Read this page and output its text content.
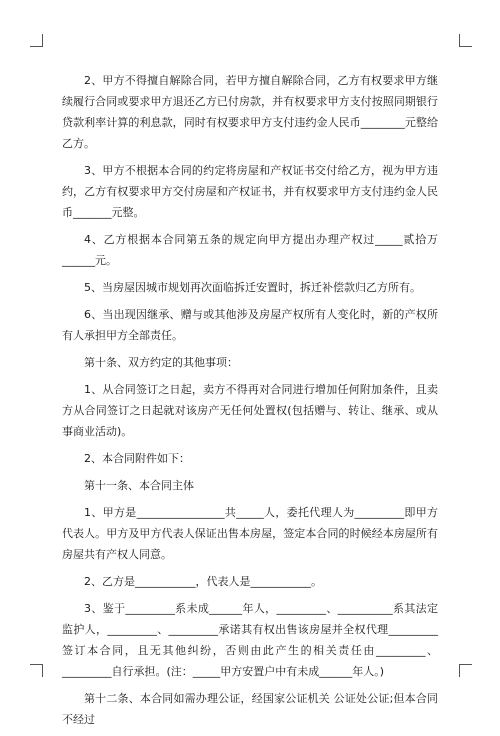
2、甲方不得擅自解除合同，若甲方擅自解除合同，乙方有权要求甲方继续履行合同或要求甲方退还乙方已付房款，并有权要求甲方支付按照同期银行贷款利率计算的利息款，同时有权要求甲方支付违约金人民币________元整给乙方。

3、甲方不根据本合同的约定将房屋和产权证书交付给乙方，视为甲方违约，乙方有权要求甲方交付房屋和产权证书，并有权要求甲方支付违约金人民币_______元整。

4、乙方根据本合同第五条的规定向甲方提出办理产权过_____贰拾万______元。

5、当房屋因城市规划再次面临拆迁安置时，拆迁补偿款归乙方所有。

6、当出现因继承、赠与或其他涉及房屋产权所有人变化时，新的产权所有人承担甲方全部责任。

第十条、双方约定的其他事项：

1、从合同签订之日起，卖方不得再对合同进行增加任何附加条件，且卖方从合同签订之日起就对该房产无任何处置权(包括赠与、转让、继承、或从事商业活动)。

2、本合同附件如下：

第十一条、本合同主体

1、甲方是________________共_____人，委托代理人为_________即甲方代表人。甲方及甲方代表人保证出售本房屋，签定本合同的时候经本房屋所有房屋共有产权人同意。

2、乙方是___________，代表人是___________。

3、鉴于_________系未成______年人，_________、__________系其法定监护人，_________、_________承诺其有权出售该房屋并全权代理_________签订本合同，且无其他纠纷，否则由此产生的相关责任由_________、_________自行承担。(注：_____甲方安置户中有未成______年人。)

第十二条、本合同如需办理公证，经国家公证机关 公证处公证;但本合同不经过
